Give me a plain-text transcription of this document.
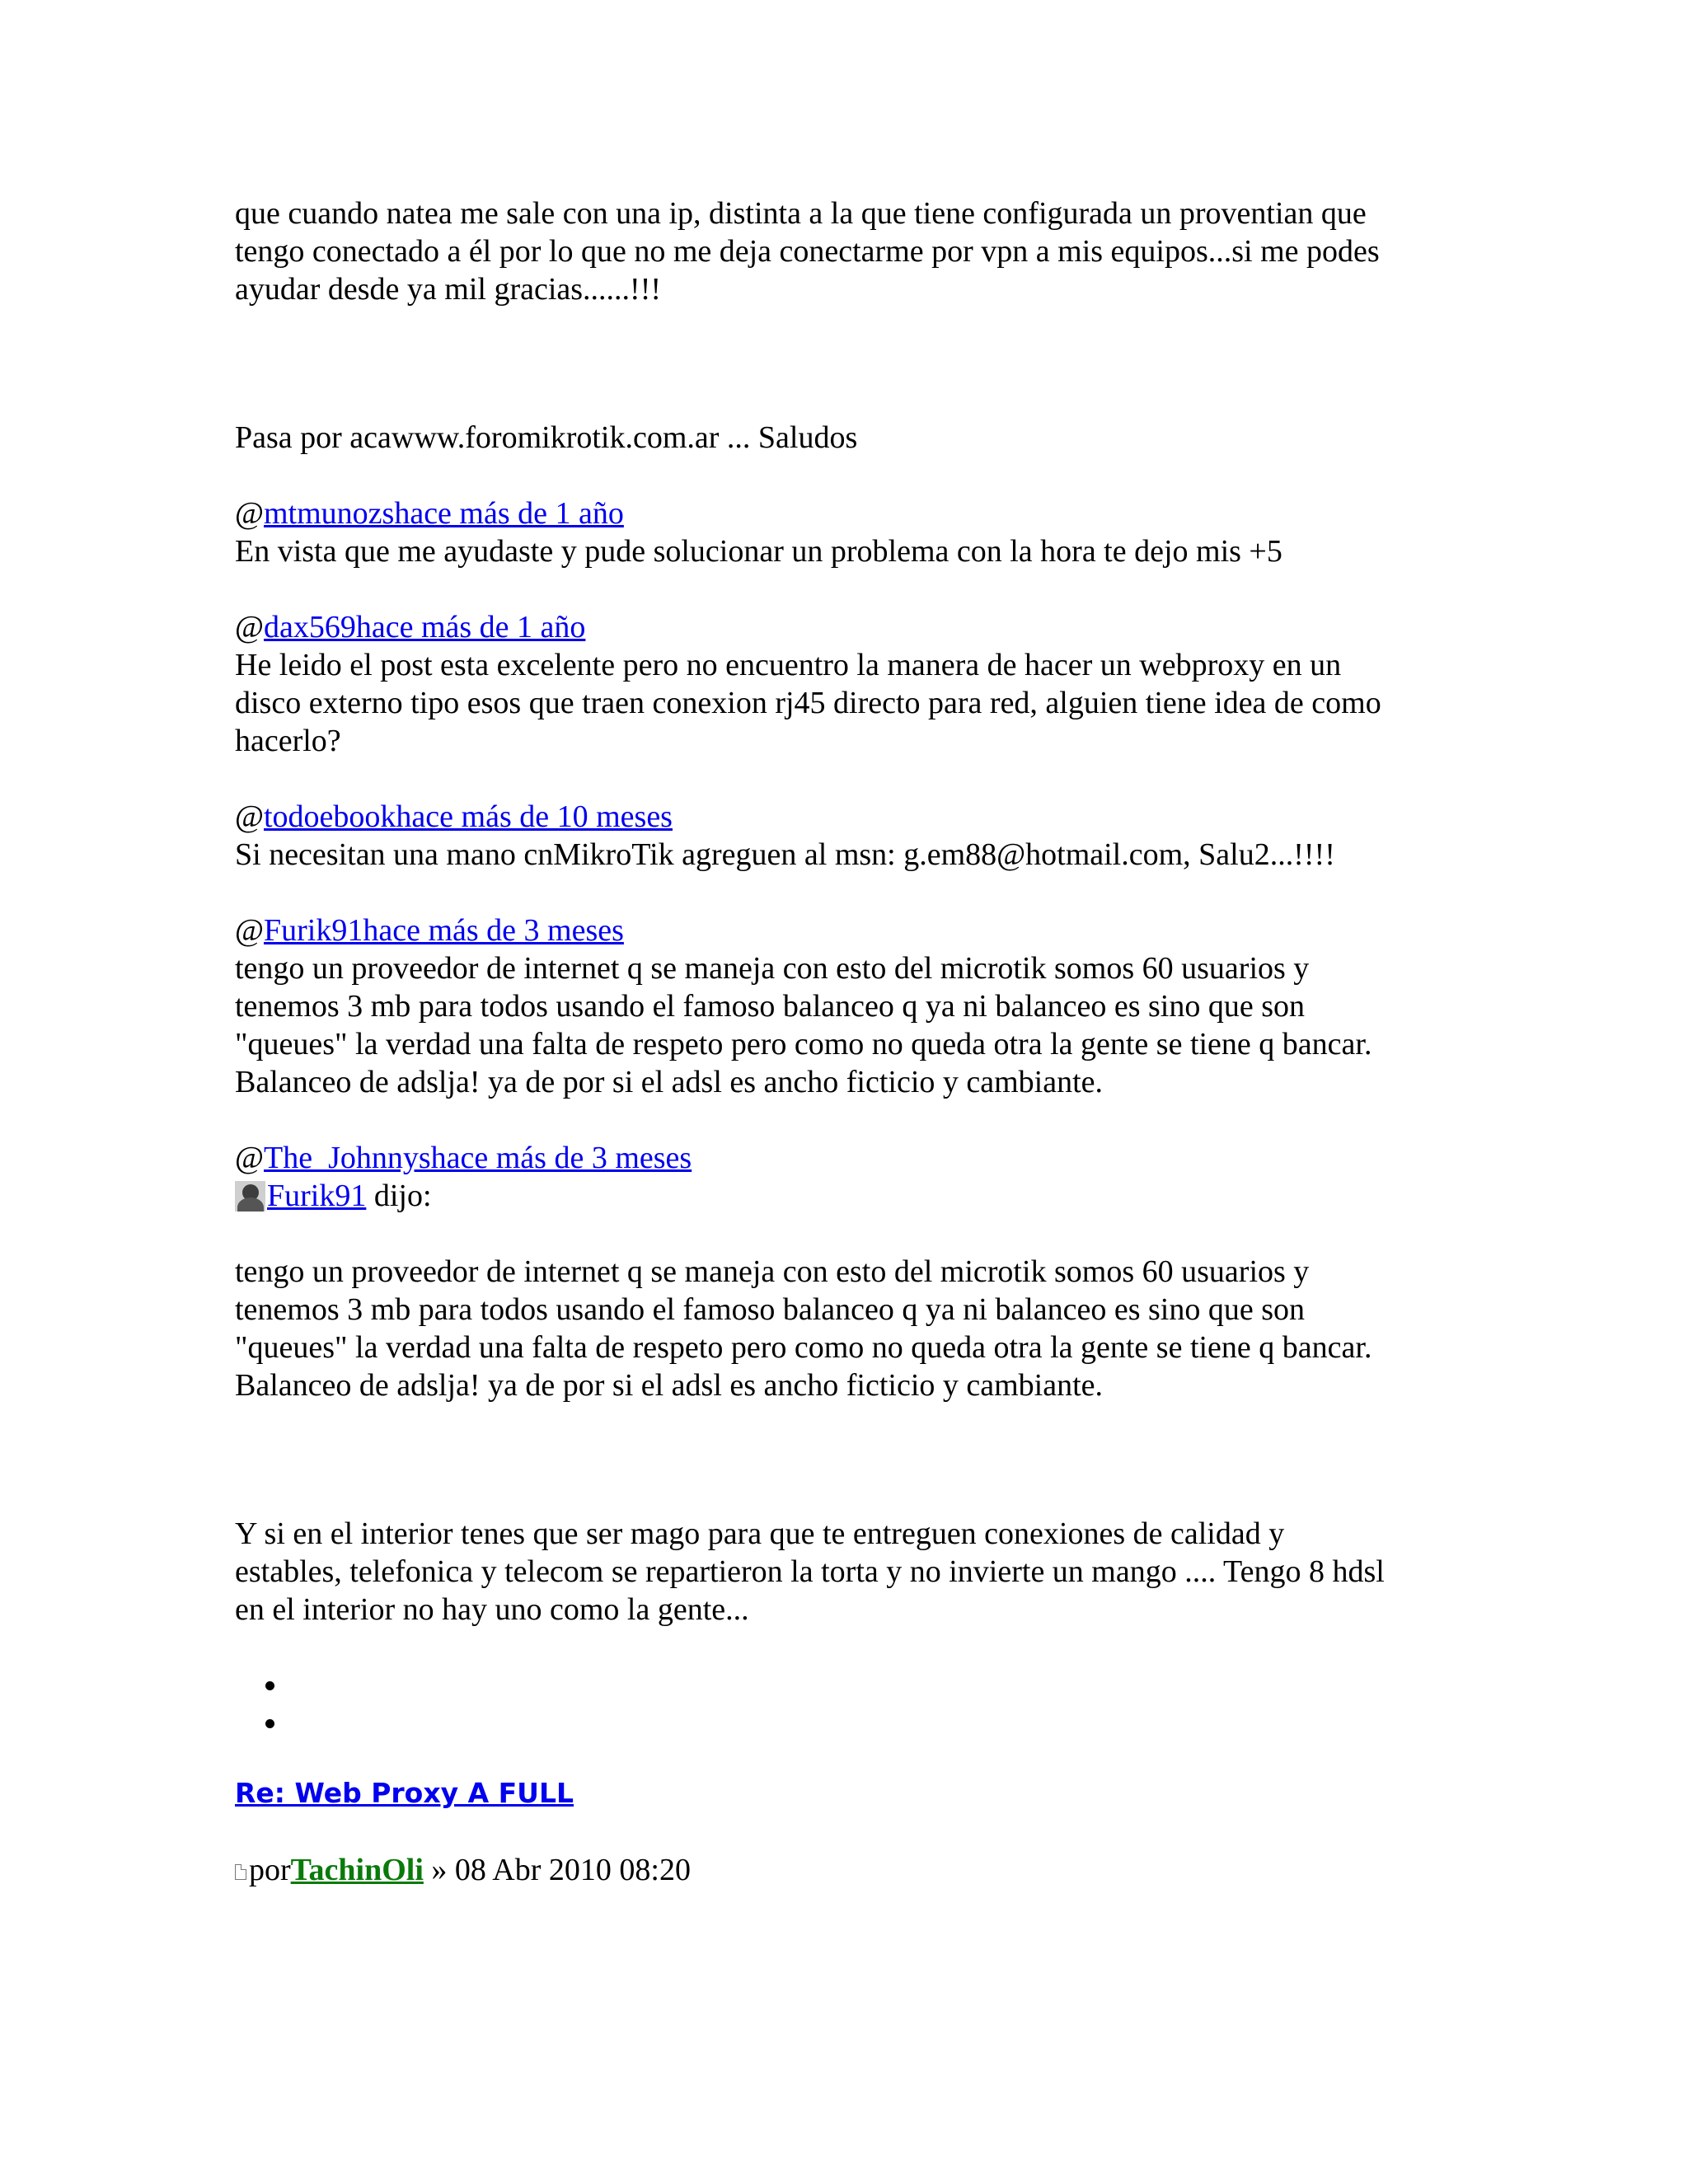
que cuando natea me sale con una ip, distinta a la que tiene configurada un proventian que
tengo conectado a él por lo que no me deja conectarme por vpn a mis equipos...si me podes
ayudar desde ya mil gracias......!!!

Pasa por acawww.foromikrotik.com.ar ... Saludos

@mtmunozshace más de 1 año
En vista que me ayudaste y pude solucionar un problema con la hora te dejo mis +5
@dax569hace más de 1 año
He leido el post esta excelente pero no encuentro la manera de hacer un webproxy en un
disco externo tipo esos que traen conexion rj45 directo para red, alguien tiene idea de como
hacerlo?
@todoebookhace más de 10 meses
Si necesitan una mano cnMikroTik agreguen al msn: g.em88@hotmail.com, Salu2...!!!!
@Furik91hace más de 3 meses
tengo un proveedor de internet q se maneja con esto del microtik somos 60 usuarios y
tenemos 3 mb para todos usando el famoso balanceo q ya ni balanceo es sino que son
"queues" la verdad una falta de respeto pero como no queda otra la gente se tiene q bancar.
Balanceo de adslja! ya de por si el adsl es ancho ficticio y cambiante.
@The_Johnnyshace más de 3 meses
Furik91 dijo:

tengo un proveedor de internet q se maneja con esto del microtik somos 60 usuarios y
tenemos 3 mb para todos usando el famoso balanceo q ya ni balanceo es sino que son
"queues" la verdad una falta de respeto pero como no queda otra la gente se tiene q bancar.
Balanceo de adslja! ya de por si el adsl es ancho ficticio y cambiante.

Y si en el interior tenes que ser mago para que te entreguen conexiones de calidad y
estables, telefonica y telecom se repartieron la torta y no invierte un mango .... Tengo 8 hdsl
en el interior no hay uno como la gente...

•
•
Re: Web Proxy A FULL
por TachinOli » 08 Abr 2010 08:20
